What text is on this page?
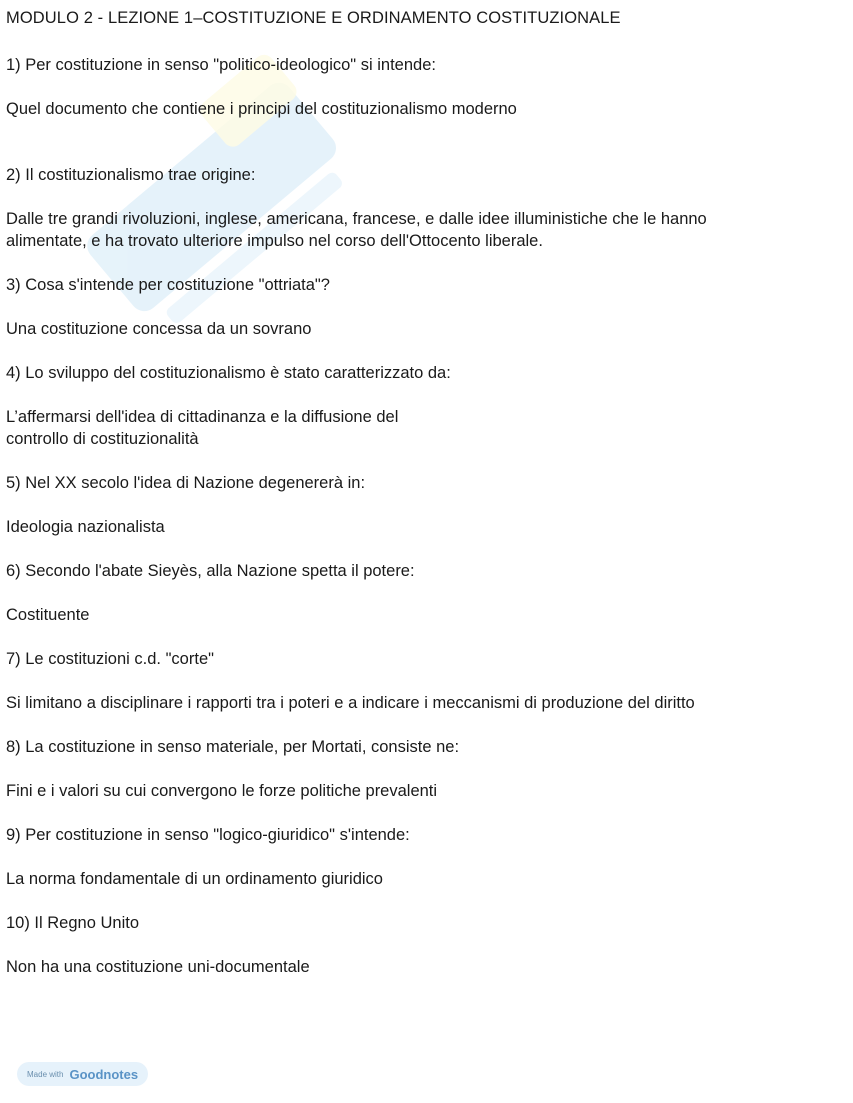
MODULO 2 - LEZIONE 1–COSTITUZIONE E ORDINAMENTO COSTITUZIONALE

1) Per costituzione in senso "politico-ideologico" si intende:

Quel documento che contiene i principi del costituzionalismo moderno

2) Il costituzionalismo trae origine:

Dalle tre grandi rivoluzioni, inglese, americana, francese, e dalle idee illuministiche che le hanno
alimentate, e ha trovato ulteriore impulso nel corso dell'Ottocento liberale.

3) Cosa s'intende per costituzione "ottriata"?

Una costituzione concessa da un sovrano

4) Lo sviluppo del costituzionalismo è stato caratterizzato da:

L’affermarsi dell'idea di cittadinanza e la diffusione del
controllo di costituzionalità

5) Nel XX secolo l'idea di Nazione degenererà in:

Ideologia nazionalista

6) Secondo l'abate Sieyès, alla Nazione spetta il potere:

Costituente

7) Le costituzioni c.d. "corte"

Si limitano a disciplinare i rapporti tra i poteri e a indicare i meccanismi di produzione del diritto

8) La costituzione in senso materiale, per Mortati, consiste ne:

Fini e i valori su cui convergono le forze politiche prevalenti

9) Per costituzione in senso "logico-giuridico" s'intende:

La norma fondamentale di un ordinamento giuridico

10) Il Regno Unito

Non ha una costituzione uni-documentale

Made with Goodnotes
